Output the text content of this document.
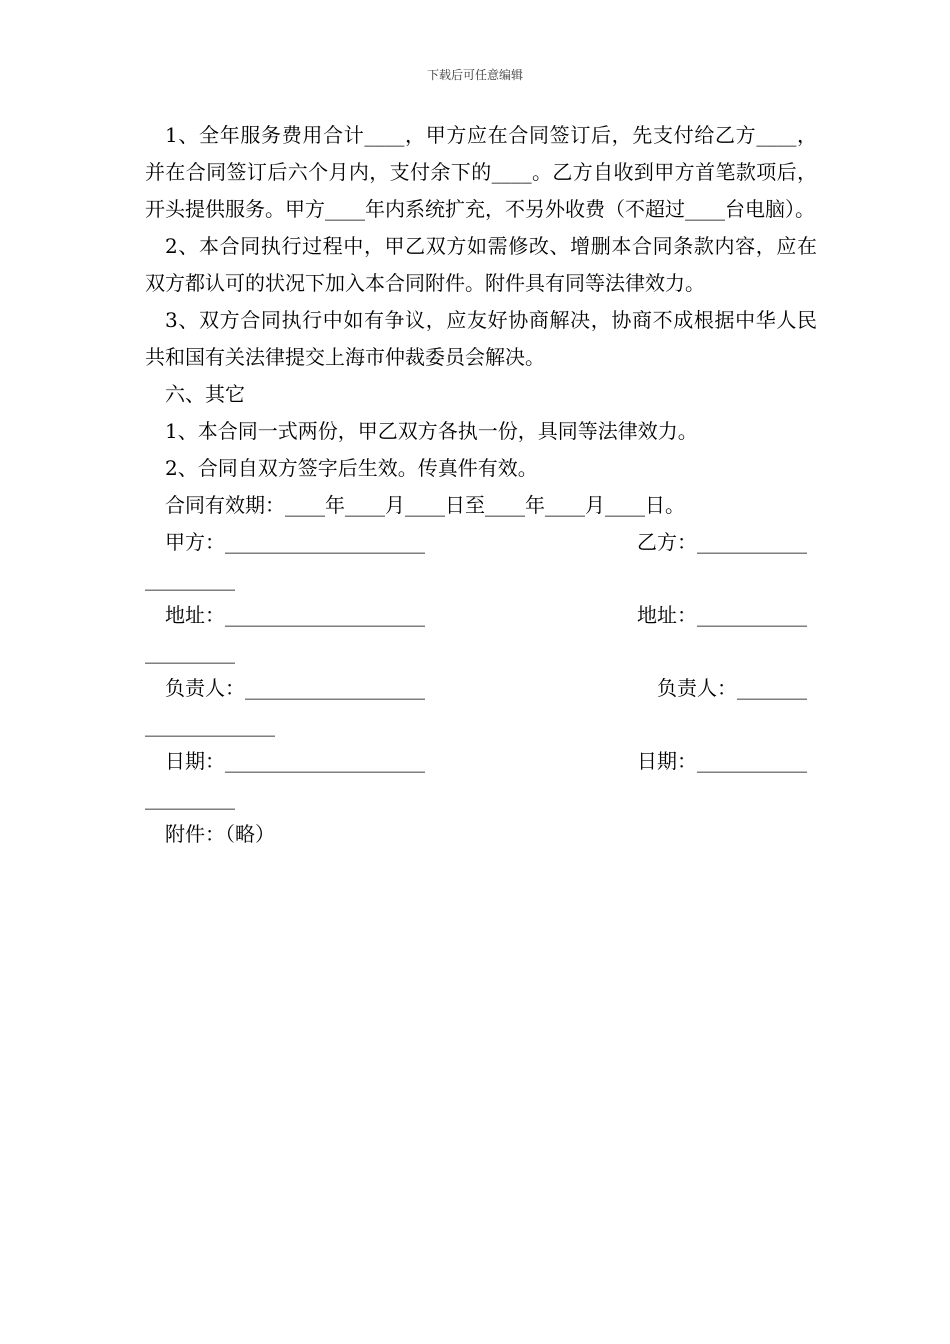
下载后可任意编辑

1、全年服务费用合计____，甲方应在合同签订后，先支付给乙方____，并在合同签订后六个月内，支付余下的____。乙方自收到甲方首笔款项后，开头提供服务。甲方____年内系统扩充，不另外收费（不超过____台电脑）。

2、本合同执行过程中，甲乙双方如需修改、增删本合同条款内容，应在双方都认可的状况下加入本合同附件。附件具有同等法律效力。

3、双方合同执行中如有争议，应友好协商解决，协商不成根据中华人民共和国有关法律提交上海市仲裁委员会解决。

六、其它

1、本合同一式两份，甲乙双方各执一份，具同等法律效力。

2、合同自双方签字后生效。传真件有效。

合同有效期：____年____月____日至____年____月____日。

甲方：____________________	乙方：___________
_________
地址：____________________	地址：___________
_________
负责人：__________________	负责人：_______
_____________
日期：____________________	日期：___________
_________

附件：（略）
